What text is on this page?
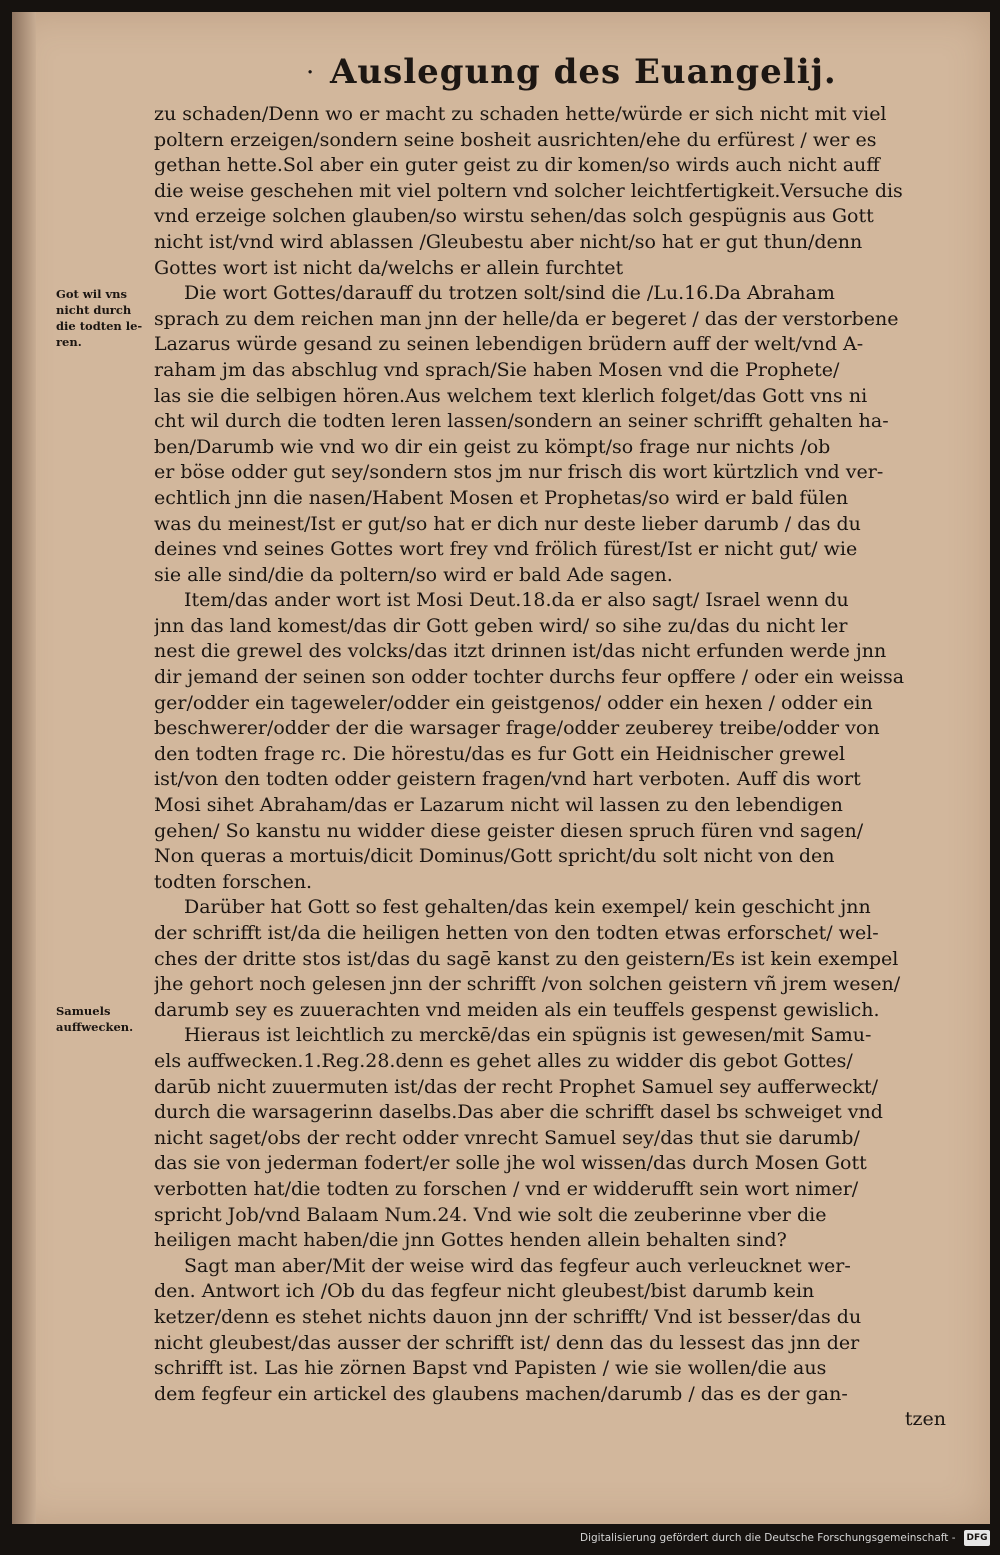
· Auslegung des Euangelij.
zu schaden/Denn wo er macht zu schaden hette/würde er sich nicht mit viel
poltern erzeigen/sondern seine bosheit ausrichten/ehe du erfürest / wer es
gethan hette.Sol aber ein guter geist zu dir komen/so wirds auch nicht auff
die weise geschehen mit viel poltern vnd solcher leichtfertigkeit.Versuche dis
vnd erzeige solchen glauben/so wirstu sehen/das solch gespügnis aus Gott
nicht ist/vnd wird ablassen /Gleubestu aber nicht/so hat er gut thun/denn
Gottes wort ist nicht da/welchs er allein furchtet
Die wort Gottes/darauff du trotzen solt/sind die /Lu.16.Da Abraham
sprach zu dem reichen man jnn der helle/da er begeret / das der verstorbene
Lazarus würde gesand zu seinen lebendigen brüdern auff der welt/vnd A-
raham jm das abschlug vnd sprach/Sie haben Mosen vnd die Prophete/
las sie die selbigen hören.Aus welchem text klerlich folget/das Gott vns ni
cht wil durch die todten leren lassen/sondern an seiner schrifft gehalten ha-
ben/Darumb wie vnd wo dir ein geist zu kömpt/so frage nur nichts /ob
er böse odder gut sey/sondern stos jm nur frisch dis wort kürtzlich vnd ver-
echtlich jnn die nasen/Habent Mosen et Prophetas/so wird er bald fülen
was du meinest/Ist er gut/so hat er dich nur deste lieber darumb / das du
deines vnd seines Gottes wort frey vnd frölich fürest/Ist er nicht gut/ wie
sie alle sind/die da poltern/so wird er bald Ade sagen.
Item/das ander wort ist Mosi Deut.18.da er also sagt/ Israel wenn du
jnn das land komest/das dir Gott geben wird/ so sihe zu/das du nicht ler
nest die grewel des volcks/das itzt drinnen ist/das nicht erfunden werde jnn
dir jemand der seinen son odder tochter durchs feur opffere / oder ein weissa
ger/odder ein tageweler/odder ein geistgenos/ odder ein hexen / odder ein
beschwerer/odder der die warsager frage/odder zeuberey treibe/odder von
den todten frage rc. Die hörestu/das es fur Gott ein Heidnischer grewel
ist/von den todten odder geistern fragen/vnd hart verboten. Auff dis wort
Mosi sihet Abraham/das er Lazarum nicht wil lassen zu den lebendigen
gehen/ So kanstu nu widder diese geister diesen spruch füren vnd sagen/
Non queras a mortuis/dicit Dominus/Gott spricht/du solt nicht von den
todten forschen.
Darüber hat Gott so fest gehalten/das kein exempel/ kein geschicht jnn
der schrifft ist/da die heiligen hetten von den todten etwas erforschet/ wel-
ches der dritte stos ist/das du sagē kanst zu den geistern/Es ist kein exempel
jhe gehort noch gelesen jnn der schrifft /von solchen geistern vñ jrem wesen/
darumb sey es zuuerachten vnd meiden als ein teuffels gespenst gewislich.
Hieraus ist leichtlich zu merckē/das ein spügnis ist gewesen/mit Samu-
els auffwecken.1.Reg.28.denn es gehet alles zu widder dis gebot Gottes/
darūb nicht zuuermuten ist/das der recht Prophet Samuel sey aufferweckt/
durch die warsagerinn daselbs.Das aber die schrifft dasel bs schweiget vnd
nicht saget/obs der recht odder vnrecht Samuel sey/das thut sie darumb/
das sie von jederman fodert/er solle jhe wol wissen/das durch Mosen Gott
verbotten hat/die todten zu forschen / vnd er widderufft sein wort nimer/
spricht Job/vnd Balaam Num.24. Vnd wie solt die zeuberinne vber die
heiligen macht haben/die jnn Gottes henden allein behalten sind?
Sagt man aber/Mit der weise wird das fegfeur auch verleucknet wer-
den. Antwort ich /Ob du das fegfeur nicht gleubest/bist darumb kein
ketzer/denn es stehet nichts dauon jnn der schrifft/ Vnd ist besser/das du
nicht gleubest/das ausser der schrifft ist/ denn das du lessest das jnn der
schrifft ist. Las hie zörnen Bapst vnd Papisten / wie sie wollen/die aus
dem fegfeur ein artickel des glaubens machen/darumb / das es der gan-
tzen
Got wil vns
nicht durch
die todten le-
ren.
Samuels
auffwecken.
Digitalisierung gefördert durch die Deutsche Forschungsgemeinschaft - DFG
